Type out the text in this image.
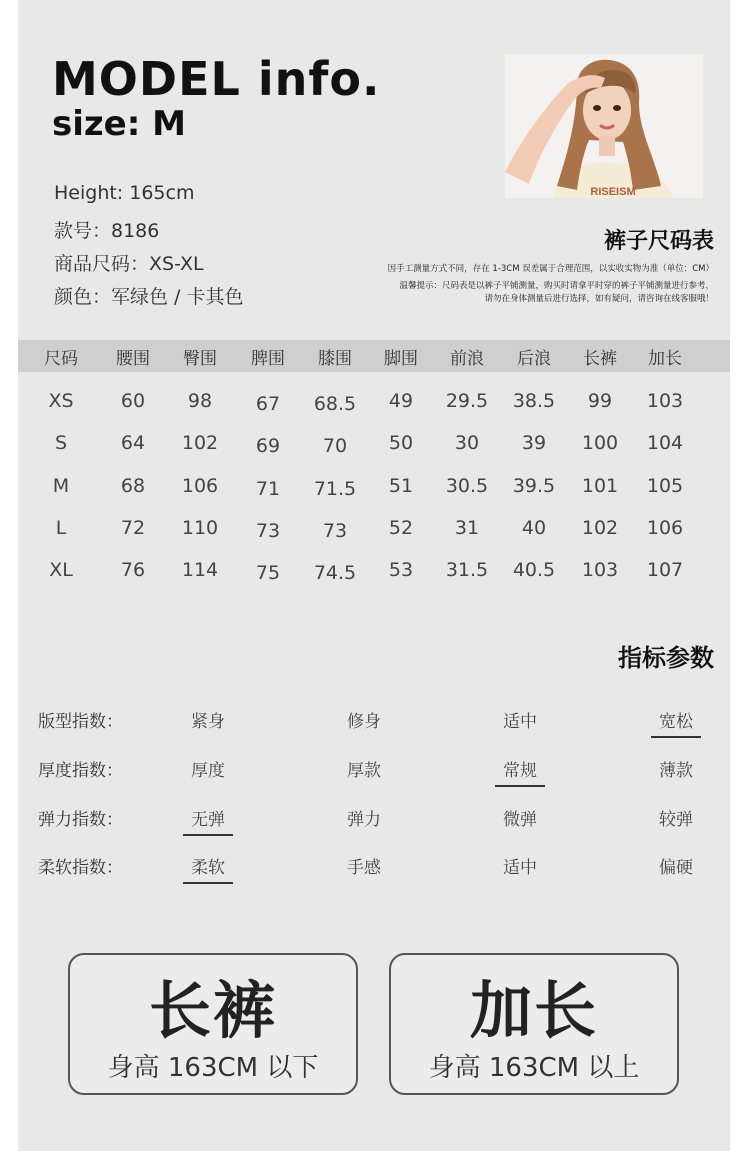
MODEL info.
size: M
Height: 165cm
款号：8186
商品尺码：XS-XL
颜色：军绿色 / 卡其色
RISEISM
裤子尺码表
因手工测量方式不同，存在 1-3CM 误差属于合理范围，以实收实物为准（单位：CM）
温馨提示：尺码表是以裤子平铺测量，购买时请拿平时穿的裤子平铺测量进行参考，
请勿在身体测量后进行选择，如有疑问，请咨询在线客服哦！
尺码	腰围	臀围	脾围	膝围	脚围	前浪	后浪	长裤	加长
XS	60	98	67	68.5	49	29.5	38.5	99	103
S	64	102	69	70	50	30	39	100	104
M	68	106	71	71.5	51	30.5	39.5	101	105
L	72	110	73	73	52	31	40	102	106
XL	76	114	75	74.5	53	31.5	40.5	103	107
指标参数
版型指数：	紧身	修身	适中	宽松
厚度指数：	厚度	厚款	常规	薄款
弹力指数：	无弹	弹力	微弹	较弹
柔软指数：	柔软	手感	适中	偏硬
长裤
身高 163CM 以下
加长
身高 163CM 以上
